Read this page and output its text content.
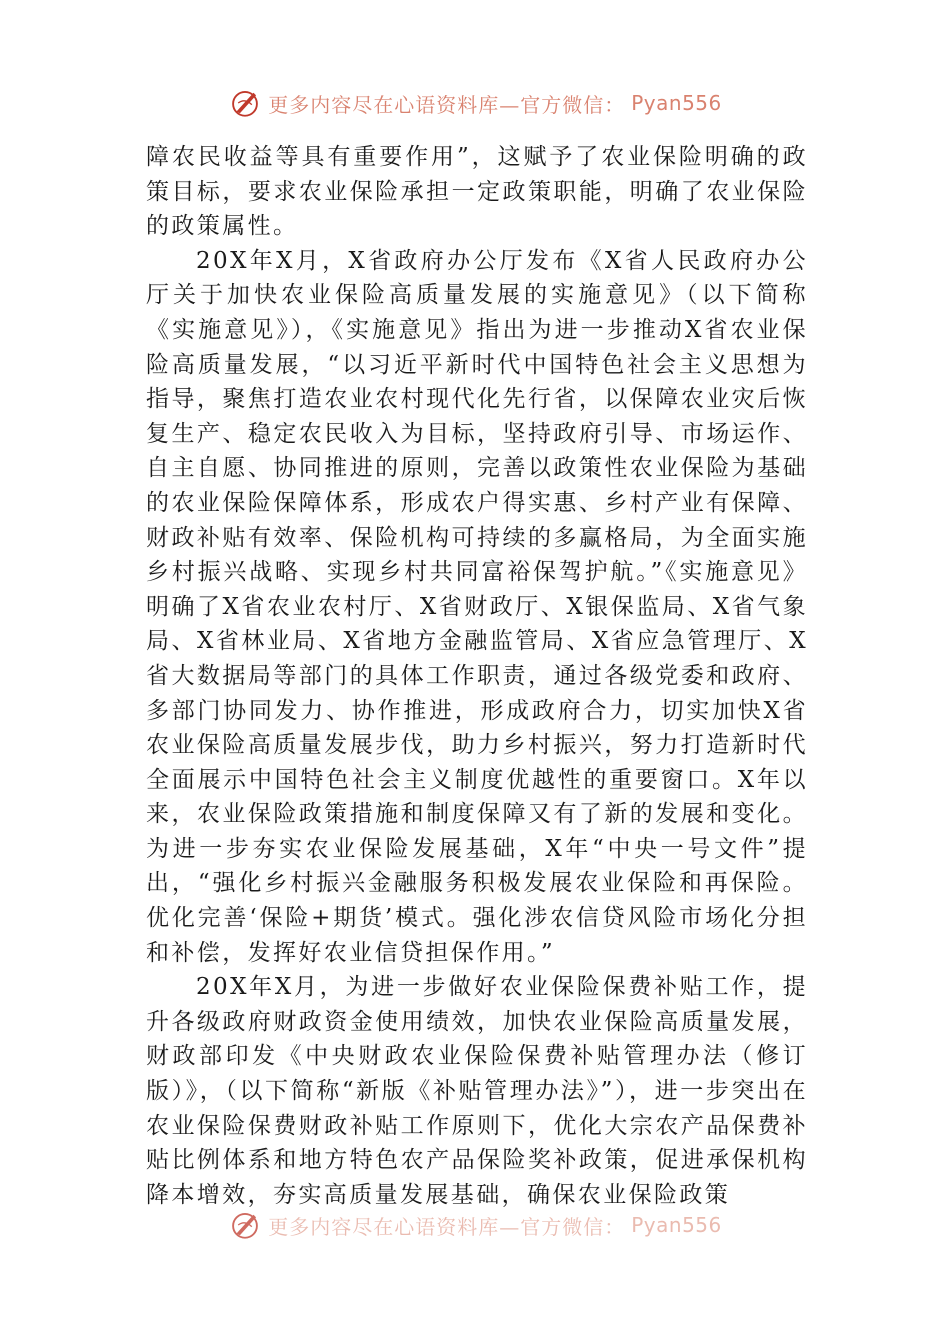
更多内容尽在心语资料库—官方微信： Pyan556

障农民收益等具有重要作用”，这赋予了农业保险明确的政策目标，要求农业保险承担一定政策职能，明确了农业保险的政策属性。

20X年X月，X省政府办公厅发布《X省人民政府办公厅关于加快农业保险高质量发展的实施意见》（以下简称《实施意见》），《实施意见》指出为进一步推动X省农业保险高质量发展，“以习近平新时代中国特色社会主义思想为指导，聚焦打造农业农村现代化先行省，以保障农业灾后恢复生产、稳定农民收入为目标，坚持政府引导、市场运作、自主自愿、协同推进的原则，完善以政策性农业保险为基础的农业保险保障体系，形成农户得实惠、乡村产业有保障、财政补贴有效率、保险机构可持续的多赢格局，为全面实施乡村振兴战略、实现乡村共同富裕保驾护航。”《实施意见》明确了X省农业农村厅、X省财政厅、X银保监局、X省气象局、X省林业局、X省地方金融监管局、X省应急管理厅、X省大数据局等部门的具体工作职责，通过各级党委和政府、多部门协同发力、协作推进，形成政府合力，切实加快X省农业保险高质量发展步伐，助力乡村振兴，努力打造新时代全面展示中国特色社会主义制度优越性的重要窗口。X年以来，农业保险政策措施和制度保障又有了新的发展和变化。为进一步夯实农业保险发展基础，X年“中央一号文件”提出，“强化乡村振兴金融服务积极发展农业保险和再保险。优化完善‘保险+期货’模式。强化涉农信贷风险市场化分担和补偿，发挥好农业信贷担保作用。”

20X年X月，为进一步做好农业保险保费补贴工作，提升各级政府财政资金使用绩效，加快农业保险高质量发展，财政部印发《中央财政农业保险保费补贴管理办法（修订版）》，（以下简称“新版《补贴管理办法》”），进一步突出在农业保险保费财政补贴工作原则下，优化大宗农产品保费补贴比例体系和地方特色农产品保险奖补政策，促进承保机构降本增效，夯实高质量发展基础，确保农业保险政策

更多内容尽在心语资料库—官方微信： Pyan556
